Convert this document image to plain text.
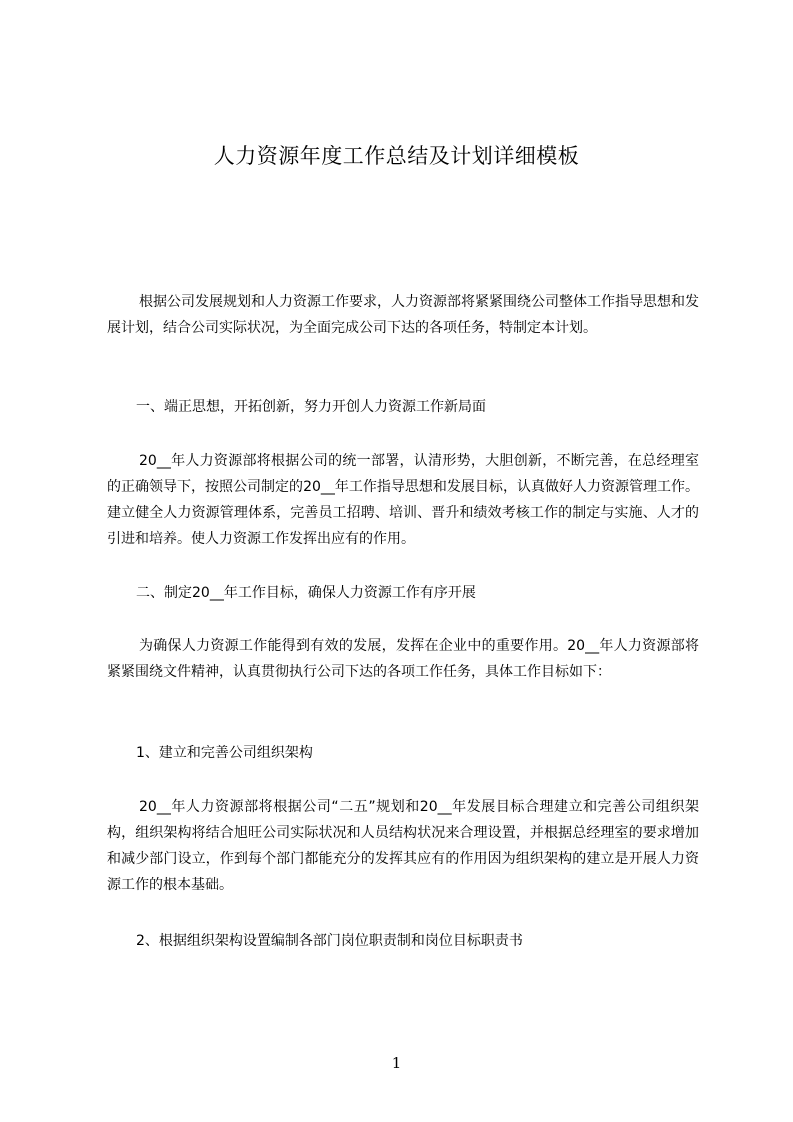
人力资源年度工作总结及计划详细模板
根据公司发展规划和人力资源工作要求，人力资源部将紧紧围绕公司整体工作指导思想和发展计划，结合公司实际状况，为全面完成公司下达的各项任务，特制定本计划。
一、端正思想，开拓创新，努力开创人力资源工作新局面
20__年人力资源部将根据公司的统一部署，认清形势，大胆创新，不断完善，在总经理室的正确领导下，按照公司制定的20__年工作指导思想和发展目标，认真做好人力资源管理工作。建立健全人力资源管理体系，完善员工招聘、培训、晋升和绩效考核工作的制定与实施、人才的引进和培养。使人力资源工作发挥出应有的作用。
二、制定20__年工作目标，确保人力资源工作有序开展
为确保人力资源工作能得到有效的发展，发挥在企业中的重要作用。20__年人力资源部将紧紧围绕文件精神，认真贯彻执行公司下达的各项工作任务，具体工作目标如下：
1、建立和完善公司组织架构
20__年人力资源部将根据公司“二五”规划和20__年发展目标合理建立和完善公司组织架构，组织架构将结合旭旺公司实际状况和人员结构状况来合理设置，并根据总经理室的要求增加和减少部门设立，作到每个部门都能充分的发挥其应有的作用因为组织架构的建立是开展人力资源工作的根本基础。
2、根据组织架构设置编制各部门岗位职责制和岗位目标职责书
1
